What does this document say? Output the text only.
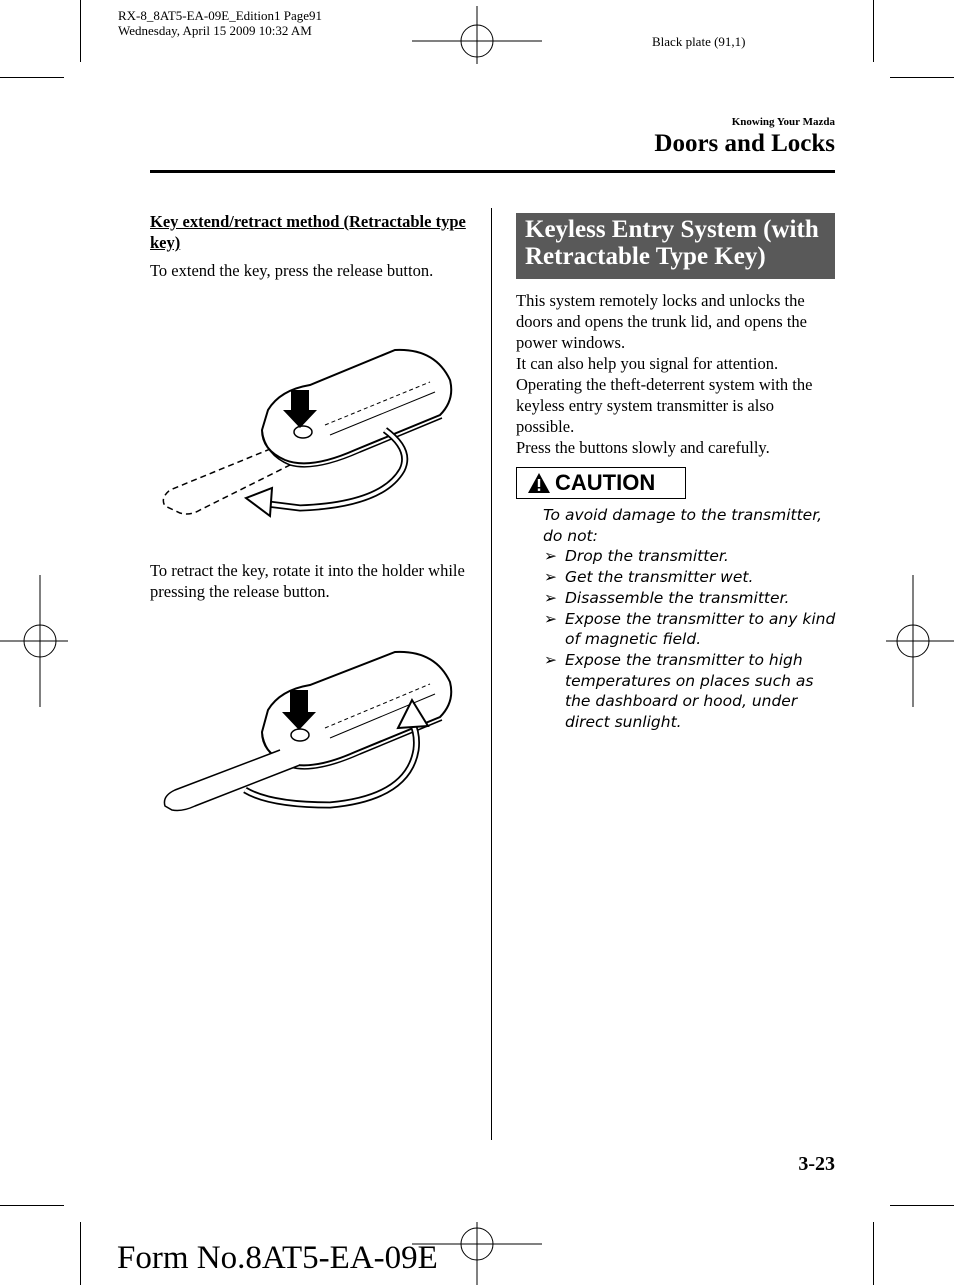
RX-8_8AT5-EA-09E_Edition1 Page91
Wednesday, April 15 2009 10:32 AM
Black plate (91,1)
Knowing Your Mazda
Doors and Locks
Key extend/retract method (Retractable type key)
To extend the key, press the release button.
To retract the key, rotate it into the holder while pressing the release button.
Keyless Entry System (with Retractable Type Key)

This system remotely locks and unlocks the doors and opens the trunk lid, and opens the power windows.

It can also help you signal for attention.

Operating the theft-deterrent system with the keyless entry system transmitter is also possible.

Press the buttons slowly and carefully.

CAUTION

To avoid damage to the transmitter, do not:

➢ Drop the transmitter.
➢ Get the transmitter wet.
➢ Disassemble the transmitter.
➢ Expose the transmitter to any kind of magnetic field.
➢ Expose the transmitter to high temperatures on places such as the dashboard or hood, under direct sunlight.
3-23
Form No.8AT5-EA-09E
